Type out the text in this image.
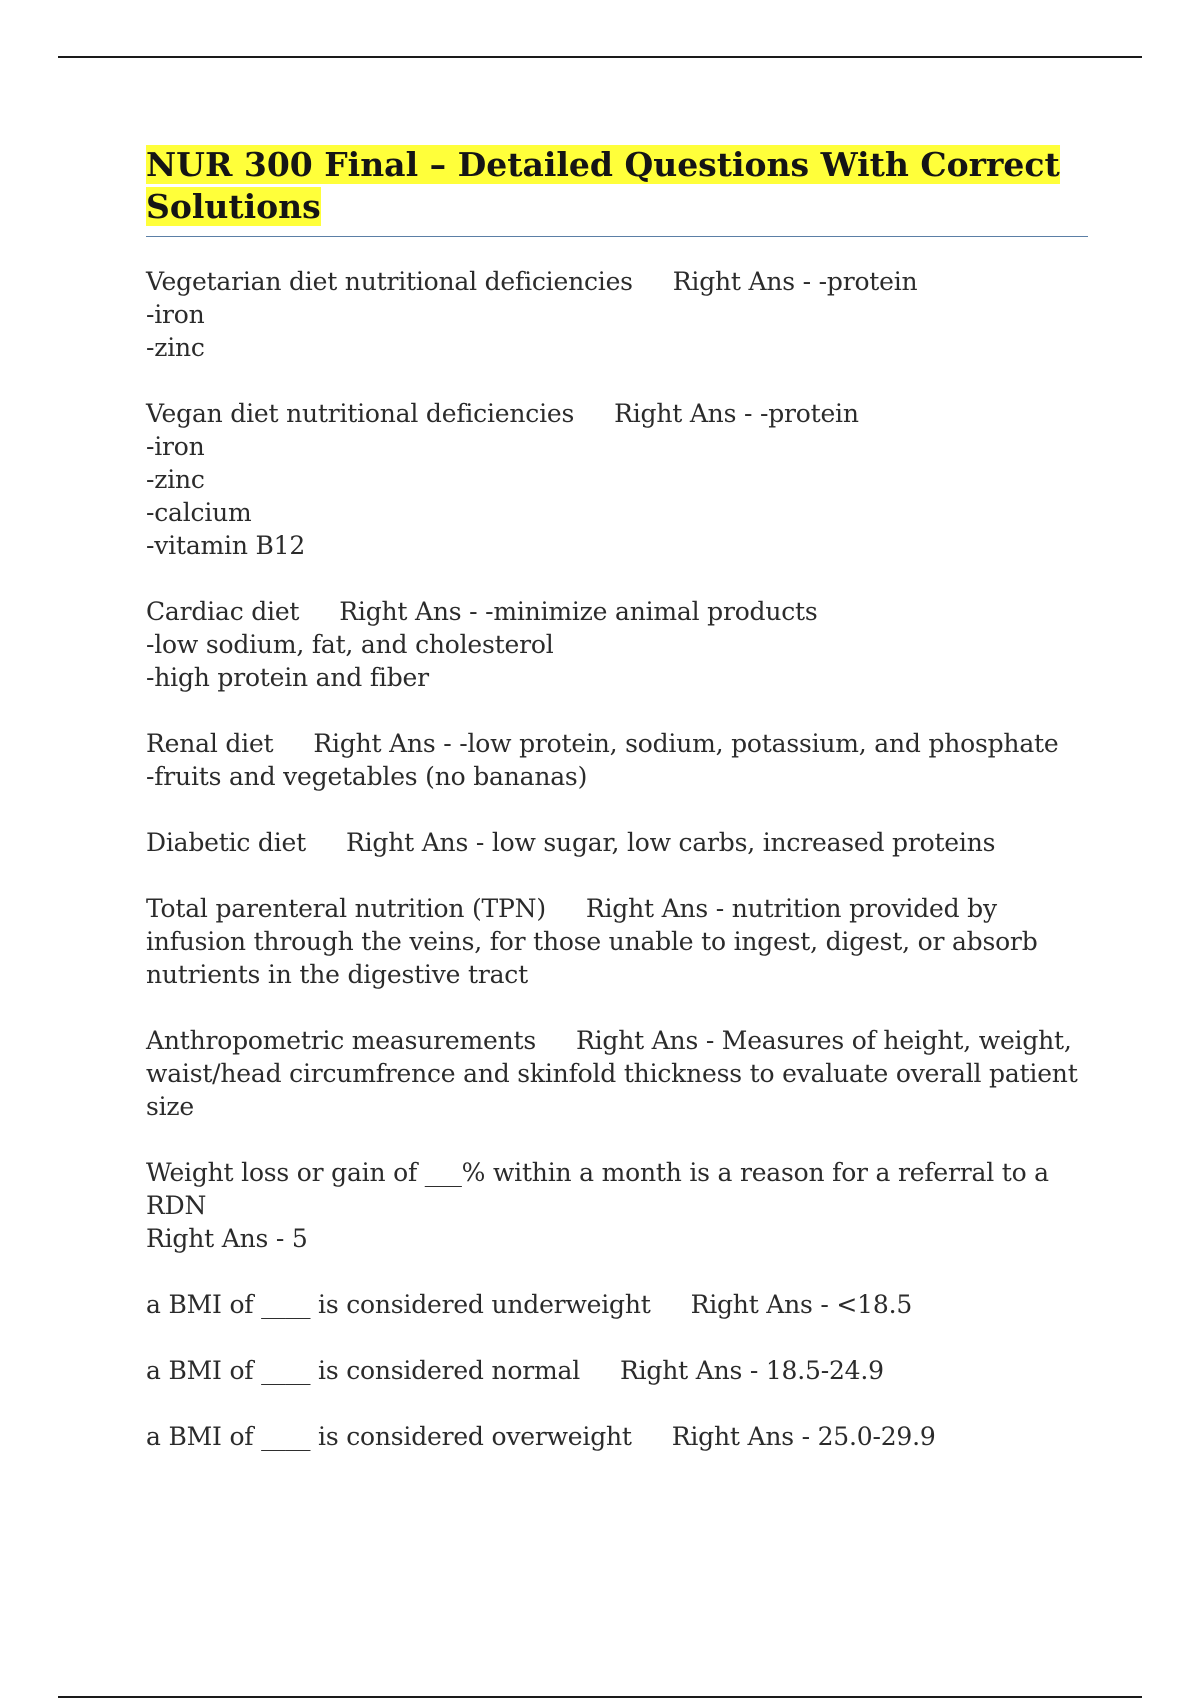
NUR 300 Final – Detailed Questions With Correct Solutions

Vegetarian diet nutritional deficiencies Right Ans - -protein
-iron
-zinc

Vegan diet nutritional deficiencies Right Ans - -protein
-iron
-zinc
-calcium
-vitamin B12

Cardiac diet Right Ans - -minimize animal products
-low sodium, fat, and cholesterol
-high protein and fiber

Renal diet Right Ans - -low protein, sodium, potassium, and phosphate
-fruits and vegetables (no bananas)

Diabetic diet Right Ans - low sugar, low carbs, increased proteins

Total parenteral nutrition (TPN) Right Ans - nutrition provided by infusion through the veins, for those unable to ingest, digest, or absorb nutrients in the digestive tract

Anthropometric measurements Right Ans - Measures of height, weight, waist/head circumfrence and skinfold thickness to evaluate overall patient size

Weight loss or gain of ___% within a month is a reason for a referral to a RDN
Right Ans - 5

a BMI of ____ is considered underweight Right Ans - <18.5

a BMI of ____ is considered normal Right Ans - 18.5-24.9

a BMI of ____ is considered overweight Right Ans - 25.0-29.9
